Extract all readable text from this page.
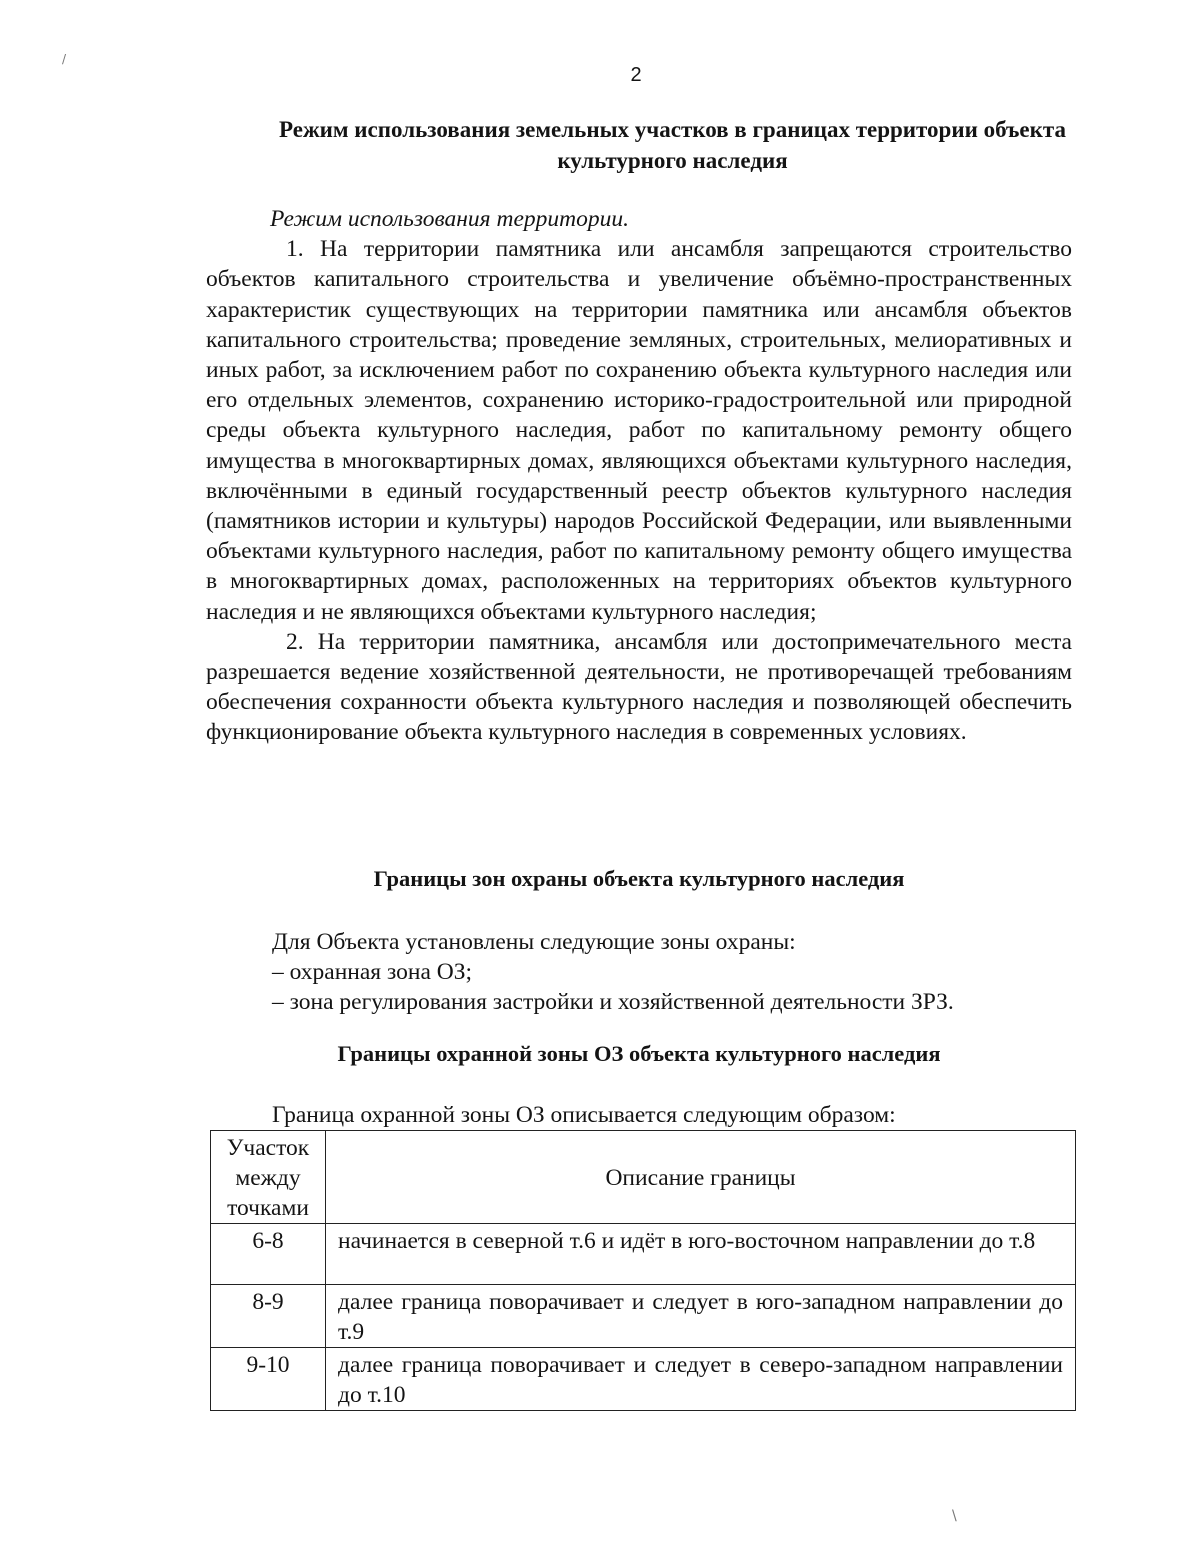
2
Режим использования земельных участков в границах территории объекта культурного наследия

Режим использования территории.

1. На территории памятника или ансамбля запрещаются строительство объектов капитального строительства и увеличение объёмно-пространственных характеристик существующих на территории памятника или ансамбля объектов капитального строительства; проведение земляных, строительных, мелиоративных и иных работ, за исключением работ по сохранению объекта культурного наследия или его отдельных элементов, сохранению историко-градостроительной или природной среды объекта культурного наследия, работ по капитальному ремонту общего имущества в многоквартирных домах, являющихся объектами культурного наследия, включёнными в единый государственный реестр объектов культурного наследия (памятников истории и культуры) народов Российской Федерации, или выявленными объектами культурного наследия, работ по капитальному ремонту общего имущества в многоквартирных домах, расположенных на территориях объектов культурного наследия и не являющихся объектами культурного наследия;

2. На территории памятника, ансамбля или достопримечательного места разрешается ведение хозяйственной деятельности, не противоречащей требованиям обеспечения сохранности объекта культурного наследия и позволяющей обеспечить функционирование объекта культурного наследия в современных условиях.

Границы зон охраны объекта культурного наследия
Для Объекта установлены следующие зоны охраны:
– охранная зона ОЗ;
– зона регулирования застройки и хозяйственной деятельности ЗРЗ.
Границы охранной зоны ОЗ объекта культурного наследия
Граница охранной зоны ОЗ описывается следующим образом:
Участок между точками	Описание границы
6-8	начинается в северной т.6 и идёт в юго-восточном направлении до т.8
8-9	далее граница поворачивает и следует в юго-западном направлении до т.9
9-10	далее граница поворачивает и следует в северо-западном направлении до т.10
/
\
